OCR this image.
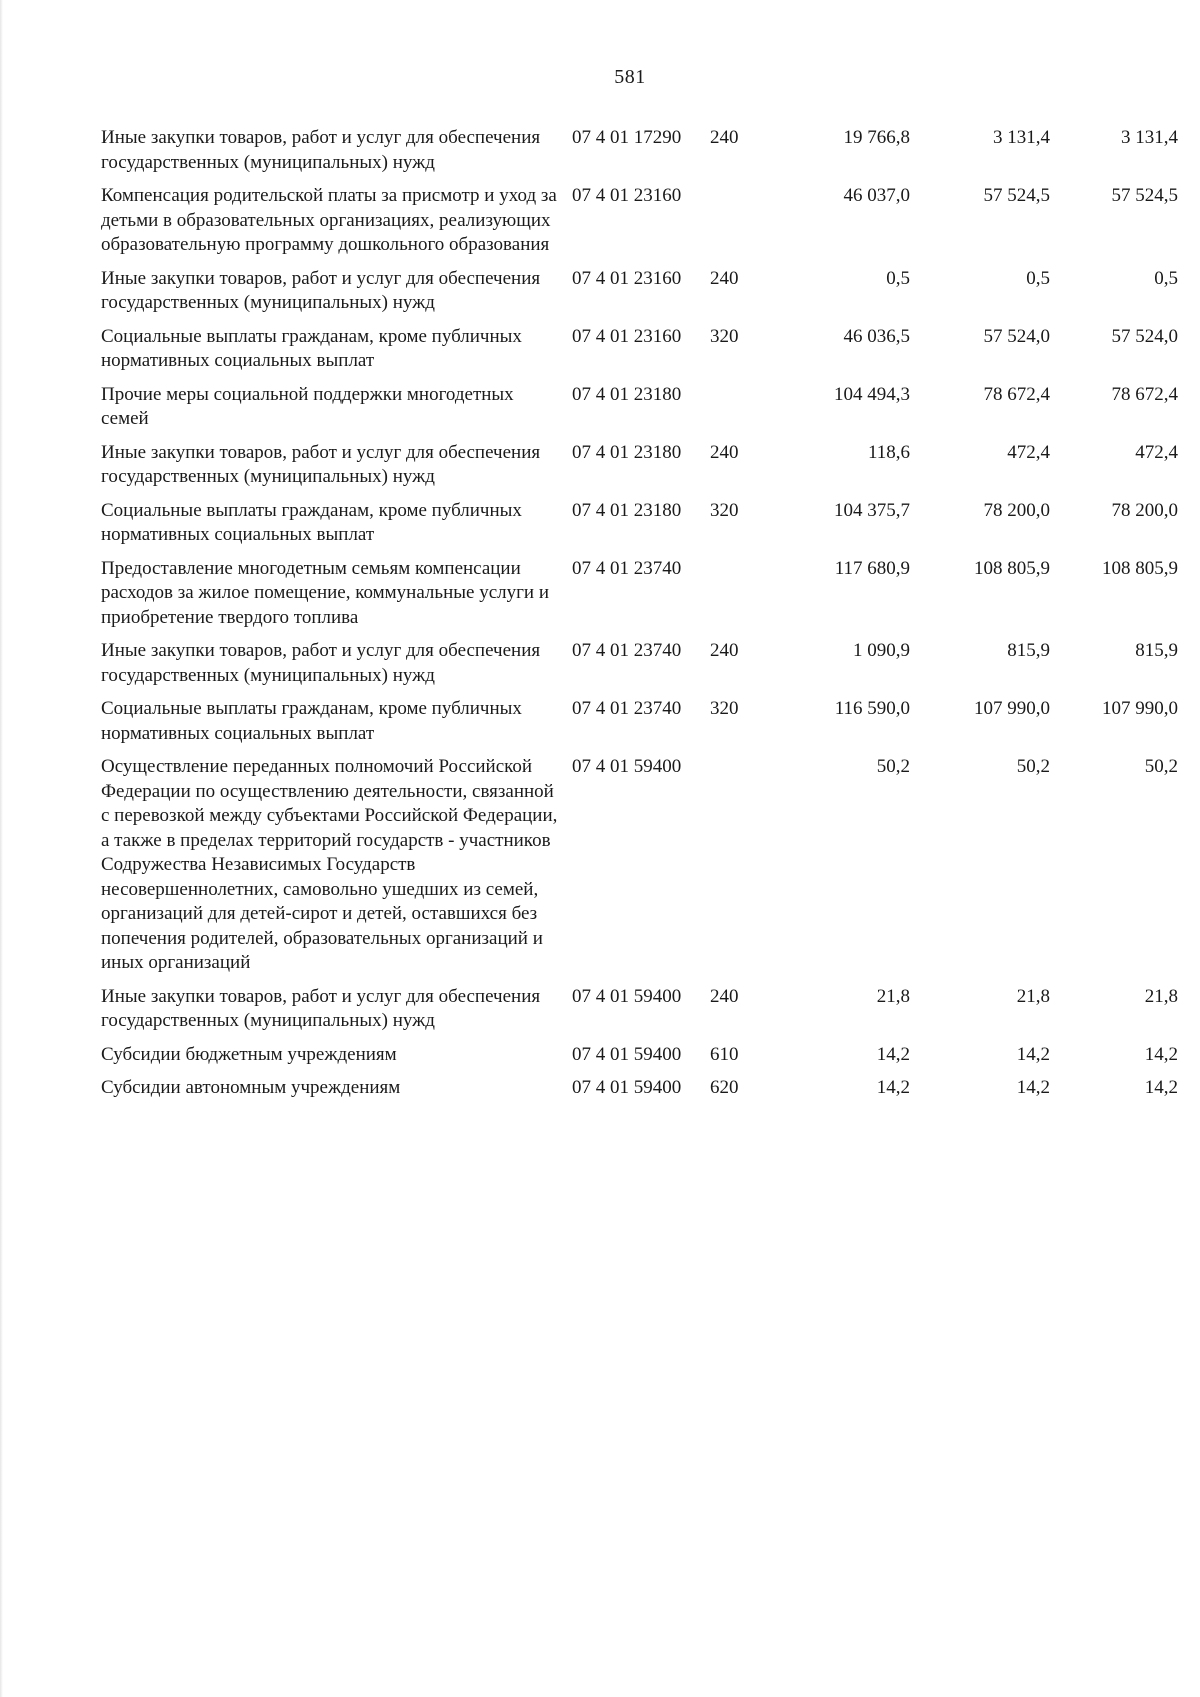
581
	Иные закупки товаров, работ и услуг для обеспечения государственных (муниципальных) нужд	07 4 01 17290	240	19 766,8	3 131,4	3 131,4	
	Компенсация родительской платы за присмотр и уход за детьми в образовательных организациях, реализующих образовательную программу дошкольного образования	07 4 01 23160		46 037,0	57 524,5	57 524,5	
	Иные закупки товаров, работ и услуг для обеспечения государственных (муниципальных) нужд	07 4 01 23160	240	0,5	0,5	0,5	
	Социальные выплаты гражданам, кроме публичных нормативных социальных выплат	07 4 01 23160	320	46 036,5	57 524,0	57 524,0	
	Прочие меры социальной поддержки многодетных семей	07 4 01 23180		104 494,3	78 672,4	78 672,4	
	Иные закупки товаров, работ и услуг для обеспечения государственных (муниципальных) нужд	07 4 01 23180	240	118,6	472,4	472,4	
	Социальные выплаты гражданам, кроме публичных нормативных социальных выплат	07 4 01 23180	320	104 375,7	78 200,0	78 200,0	
	Предоставление многодетным семьям компенсации расходов за жилое помещение, коммунальные услуги и приобретение твердого топлива	07 4 01 23740		117 680,9	108 805,9	108 805,9	
	Иные закупки товаров, работ и услуг для обеспечения государственных (муниципальных) нужд	07 4 01 23740	240	1 090,9	815,9	815,9	
	Социальные выплаты гражданам, кроме публичных нормативных социальных выплат	07 4 01 23740	320	116 590,0	107 990,0	107 990,0	
	Осуществление переданных полномочий Российской Федерации по осуществлению деятельности, связанной с перевозкой между субъектами Российской Федерации, а также в пределах территорий государств - участников Содружества Независимых Государств несовершеннолетних, самовольно ушедших из семей, организаций для детей-сирот и детей, оставшихся без попечения родителей, образовательных организаций и иных организаций	07 4 01 59400		50,2	50,2	50,2	
	Иные закупки товаров, работ и услуг для обеспечения государственных (муниципальных) нужд	07 4 01 59400	240	21,8	21,8	21,8	
	Субсидии бюджетным учреждениям	07 4 01 59400	610	14,2	14,2	14,2	
	Субсидии автономным учреждениям	07 4 01 59400	620	14,2	14,2	14,2	
